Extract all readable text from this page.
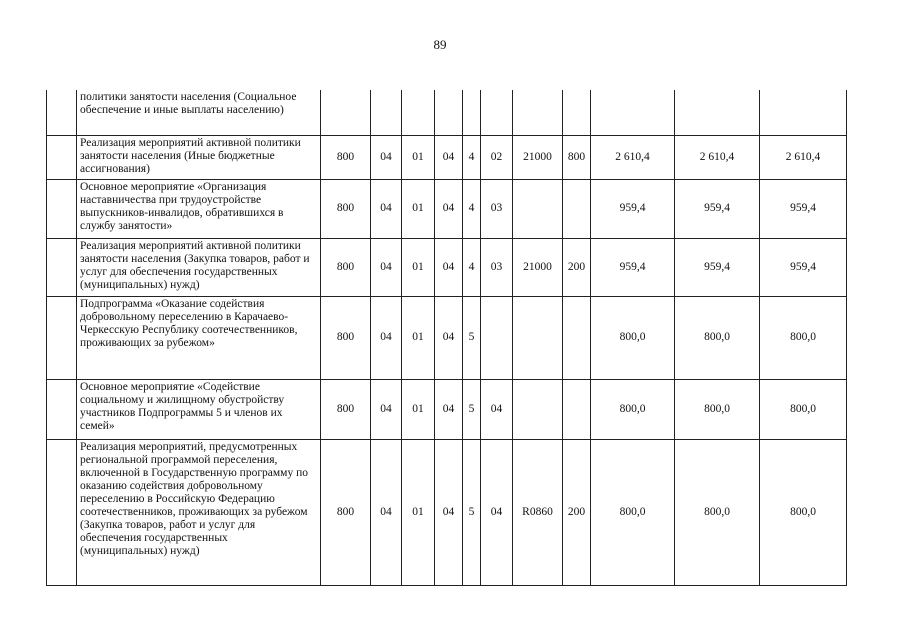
89
	политики занятости населения (Социальное обеспечение и иные выплаты населению)											
	Реализация мероприятий активной политики занятости населения (Иные бюджетные ассигнования)	800	04	01	04	4	02	21000	800	2 610,4	2 610,4	2 610,4
	Основное мероприятие «Организация наставничества при трудоустройстве выпускников-инвалидов, обратившихся в службу занятости»	800	04	01	04	4	03			959,4	959,4	959,4
	Реализация мероприятий активной политики занятости населения (Закупка товаров, работ и услуг для обеспечения государственных (муниципальных) нужд)	800	04	01	04	4	03	21000	200	959,4	959,4	959,4
	Подпрограмма «Оказание содействия добровольному переселению в Карачаево-Черкесскую Республику соотечественников, проживающих за рубежом»	800	04	01	04	5				800,0	800,0	800,0
	Основное мероприятие «Содействие социальному и жилищному обустройству участников Подпрограммы 5 и членов их семей»	800	04	01	04	5	04			800,0	800,0	800,0
	Реализация мероприятий, предусмотренных региональной программой переселения, включенной в Государственную программу по оказанию содействия добровольному переселению в Российскую Федерацию соотечественников, проживающих за рубежом (Закупка товаров, работ и услуг для обеспечения государственных (муниципальных) нужд)	800	04	01	04	5	04	R0860	200	800,0	800,0	800,0
